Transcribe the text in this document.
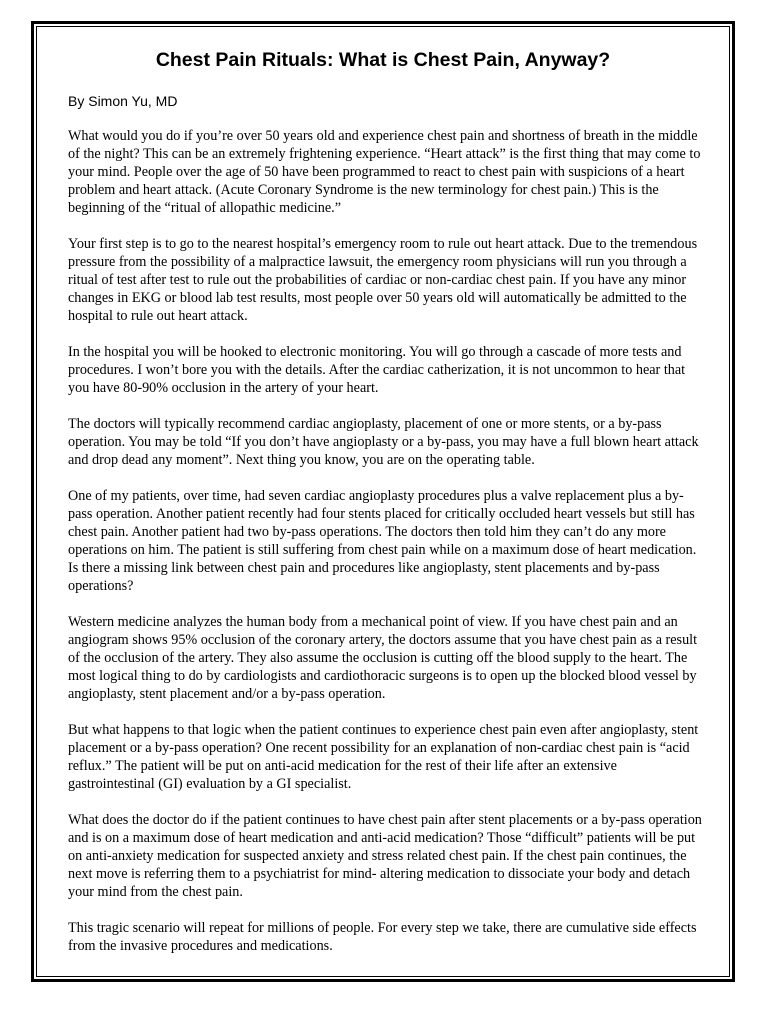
Chest Pain Rituals: What is Chest Pain, Anyway?

By Simon Yu, MD

What would you do if you’re over 50 years old and experience chest pain and shortness of breath in the middle of the night? This can be an extremely frightening experience. “Heart attack” is the first thing that may come to your mind. People over the age of 50 have been programmed to react to chest pain with suspicions of a heart problem and heart attack. (Acute Coronary Syndrome is the new terminology for chest pain.) This is the beginning of the “ritual of allopathic medicine.”

Your first step is to go to the nearest hospital’s emergency room to rule out heart attack. Due to the tremendous pressure from the possibility of a malpractice lawsuit, the emergency room physicians will run you through a ritual of test after test to rule out the probabilities of cardiac or non-cardiac chest pain. If you have any minor changes in EKG or blood lab test results, most people over 50 years old will automatically be admitted to the hospital to rule out heart attack.

In the hospital you will be hooked to electronic monitoring. You will go through a cascade of more tests and procedures. I won’t bore you with the details. After the cardiac catherization, it is not uncommon to hear that you have 80-90% occlusion in the artery of your heart.

The doctors will typically recommend cardiac angioplasty, placement of one or more stents, or a by-pass operation. You may be told “If you don’t have angioplasty or a by-pass, you may have a full blown heart attack and drop dead any moment”. Next thing you know, you are on the operating table.

One of my patients, over time, had seven cardiac angioplasty procedures plus a valve replacement plus a by-pass operation. Another patient recently had four stents placed for critically occluded heart vessels but still has chest pain. Another patient had two by-pass operations. The doctors then told him they can’t do any more operations on him. The patient is still suffering from chest pain while on a maximum dose of heart medication. Is there a missing link between chest pain and procedures like angioplasty, stent placements and by-pass operations?

Western medicine analyzes the human body from a mechanical point of view. If you have chest pain and an angiogram shows 95% occlusion of the coronary artery, the doctors assume that you have chest pain as a result of the occlusion of the artery. They also assume the occlusion is cutting off the blood supply to the heart. The most logical thing to do by cardiologists and cardiothoracic surgeons is to open up the blocked blood vessel by angioplasty, stent placement and/or a by-pass operation.

But what happens to that logic when the patient continues to experience chest pain even after angioplasty, stent placement or a by-pass operation? One recent possibility for an explanation of non-cardiac chest pain is “acid reflux.” The patient will be put on anti-acid medication for the rest of their life after an extensive gastrointestinal (GI) evaluation by a GI specialist.

What does the doctor do if the patient continues to have chest pain after stent placements or a by-pass operation and is on a maximum dose of heart medication and anti-acid medication? Those “difficult” patients will be put on anti-anxiety medication for suspected anxiety and stress related chest pain. If the chest pain continues, the next move is referring them to a psychiatrist for mind- altering medication to dissociate your body and detach your mind from the chest pain.

This tragic scenario will repeat for millions of people. For every step we take, there are cumulative side effects from the invasive procedures and medications.
